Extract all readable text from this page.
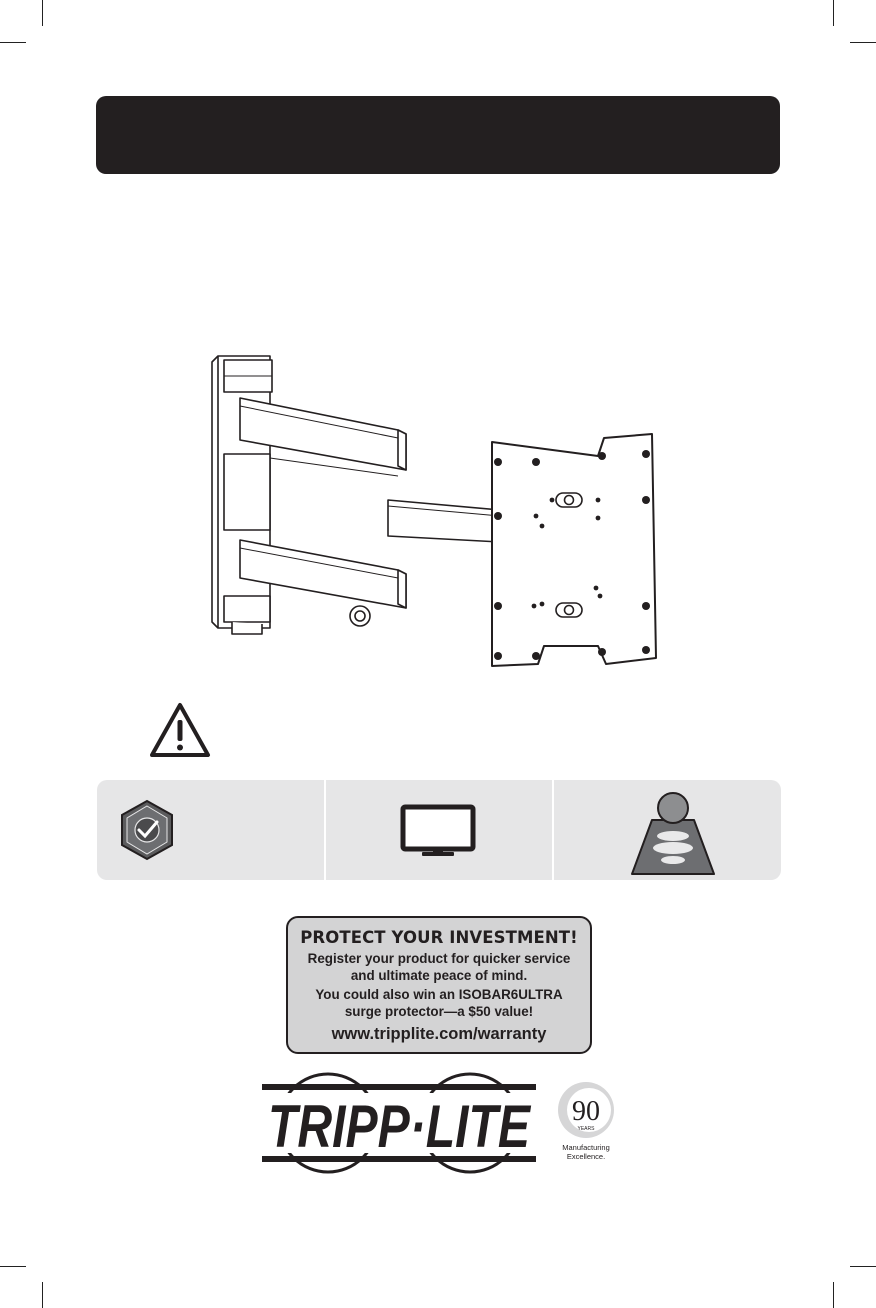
PROTECT YOUR INVESTMENT!
Register your product for quicker service
and ultimate peace of mind.
You could also win an ISOBAR6ULTRA
surge protector—a $50 value!
www.tripplite.com/warranty
TRIPP·LITE 90
YEARS
Manufacturing
Excellence.
